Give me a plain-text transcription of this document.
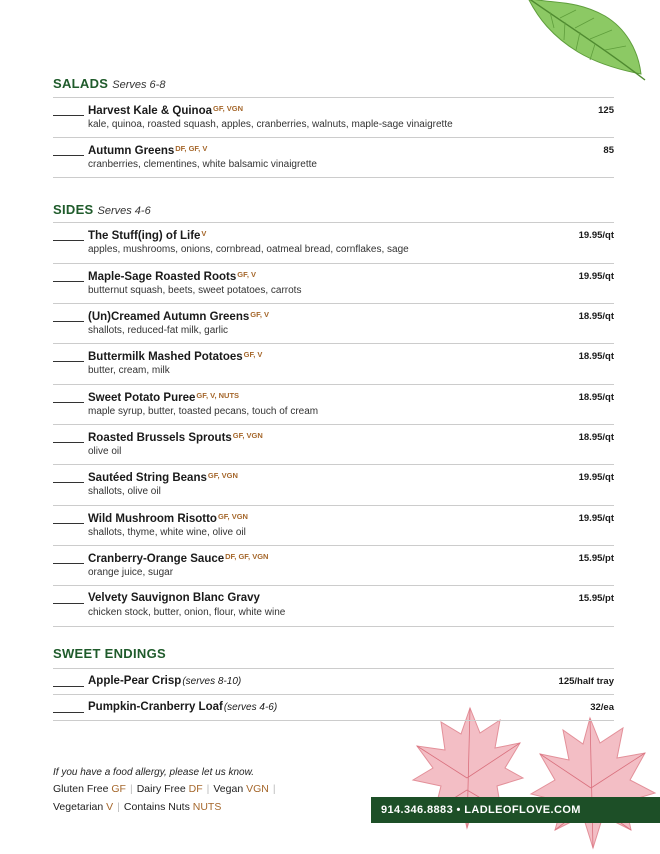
SALADS Serves 6-8
Harvest Kale & Quinoa$^{GF, VGN}$
kale, quinoa, roasted squash, apples, cranberries, walnuts, maple-sage vinaigrette
125
Autumn Greens$^{DF, GF, V}$
cranberries, clementines, white balsamic vinaigrette
85
SIDES Serves 4-6
The Stuff(ing) of Life$^V$
apples, mushrooms, onions, cornbread, oatmeal bread, cornflakes, sage
19.95/qt
Maple-Sage Roasted Roots$^{GF, V}$
butternut squash, beets, sweet potatoes, carrots
19.95/qt
(Un)Creamed Autumn Greens$^{GF, V}$
shallots, reduced-fat milk, garlic
18.95/qt
Buttermilk Mashed Potatoes$^{GF, V}$
butter, cream, milk
18.95/qt
Sweet Potato Puree$^{GF, V, NUTS}$
maple syrup, butter, toasted pecans, touch of cream
18.95/qt
Roasted Brussels Sprouts$^{GF, VGN}$
olive oil
18.95/qt
Sautéed String Beans$^{GF, VGN}$
shallots, olive oil
19.95/qt
Wild Mushroom Risotto$^{GF, VGN}$
shallots, thyme, white wine, olive oil
19.95/qt
Cranberry-Orange Sauce$^{DF, GF, VGN}$
orange juice, sugar
15.95/pt
Velvety Sauvignon Blanc Gravy
chicken stock, butter, onion, flour, white wine
15.95/pt
SWEET ENDINGS
Apple-Pear Crisp(serves 8-10)	125/half tray
Pumpkin-Cranberry Loaf(serves 4-6)	32/ea
If you have a food allergy, please let us know.
Gluten Free GF | Dairy Free DF | Vegan VGN |
Vegetarian V | Contains Nuts NUTS	914.346.8883 • LADLEOFLOVE.COM
